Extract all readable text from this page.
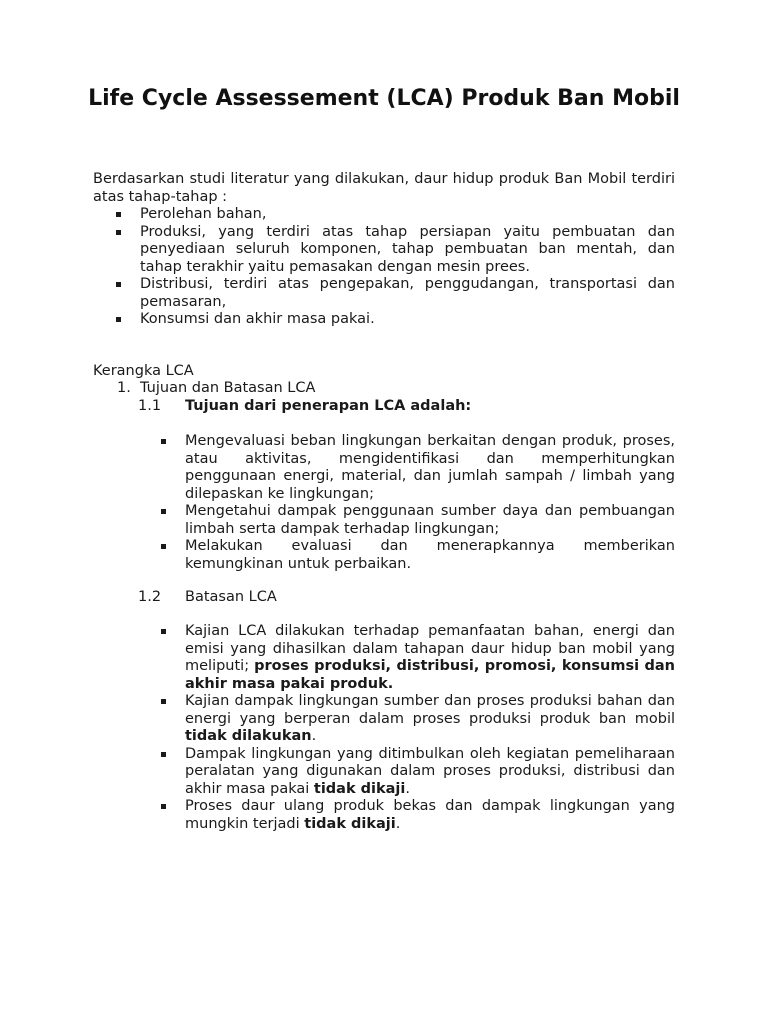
Life Cycle Assessement (LCA) Produk Ban Mobil
Berdasarkan studi literatur yang dilakukan, daur hidup produk Ban Mobil terdiri atas tahap-tahap :
Perolehan bahan,
Produksi, yang terdiri atas tahap persiapan yaitu pembuatan dan penyediaan seluruh komponen, tahap pembuatan ban mentah, dan tahap terakhir yaitu pemasakan dengan mesin prees.
Distribusi, terdiri atas pengepakan, penggudangan, transportasi dan pemasaran,
Konsumsi dan akhir masa pakai.
Kerangka LCA
1. Tujuan dan Batasan LCA
1.1 Tujuan dari penerapan LCA adalah:
Mengevaluasi beban lingkungan berkaitan dengan produk, proses, atau aktivitas, mengidentifikasi dan memperhitungkan penggunaan energi, material, dan jumlah sampah / limbah yang dilepaskan ke lingkungan;
Mengetahui dampak penggunaan sumber daya dan pembuangan limbah serta dampak terhadap lingkungan;
Melakukan evaluasi dan menerapkannya memberikan kemungkinan untuk perbaikan.
1.2 Batasan LCA
Kajian LCA dilakukan terhadap pemanfaatan bahan, energi dan emisi yang dihasilkan dalam tahapan daur hidup ban mobil yang meliputi; proses produksi, distribusi, promosi, konsumsi dan akhir masa pakai produk.
Kajian dampak lingkungan sumber dan proses produksi bahan dan energi yang berperan dalam proses produksi produk ban mobil tidak dilakukan.
Dampak lingkungan yang ditimbulkan oleh kegiatan pemeliharaan peralatan yang digunakan dalam proses produksi, distribusi dan akhir masa pakai tidak dikaji.
Proses daur ulang produk bekas dan dampak lingkungan yang mungkin terjadi tidak dikaji.
